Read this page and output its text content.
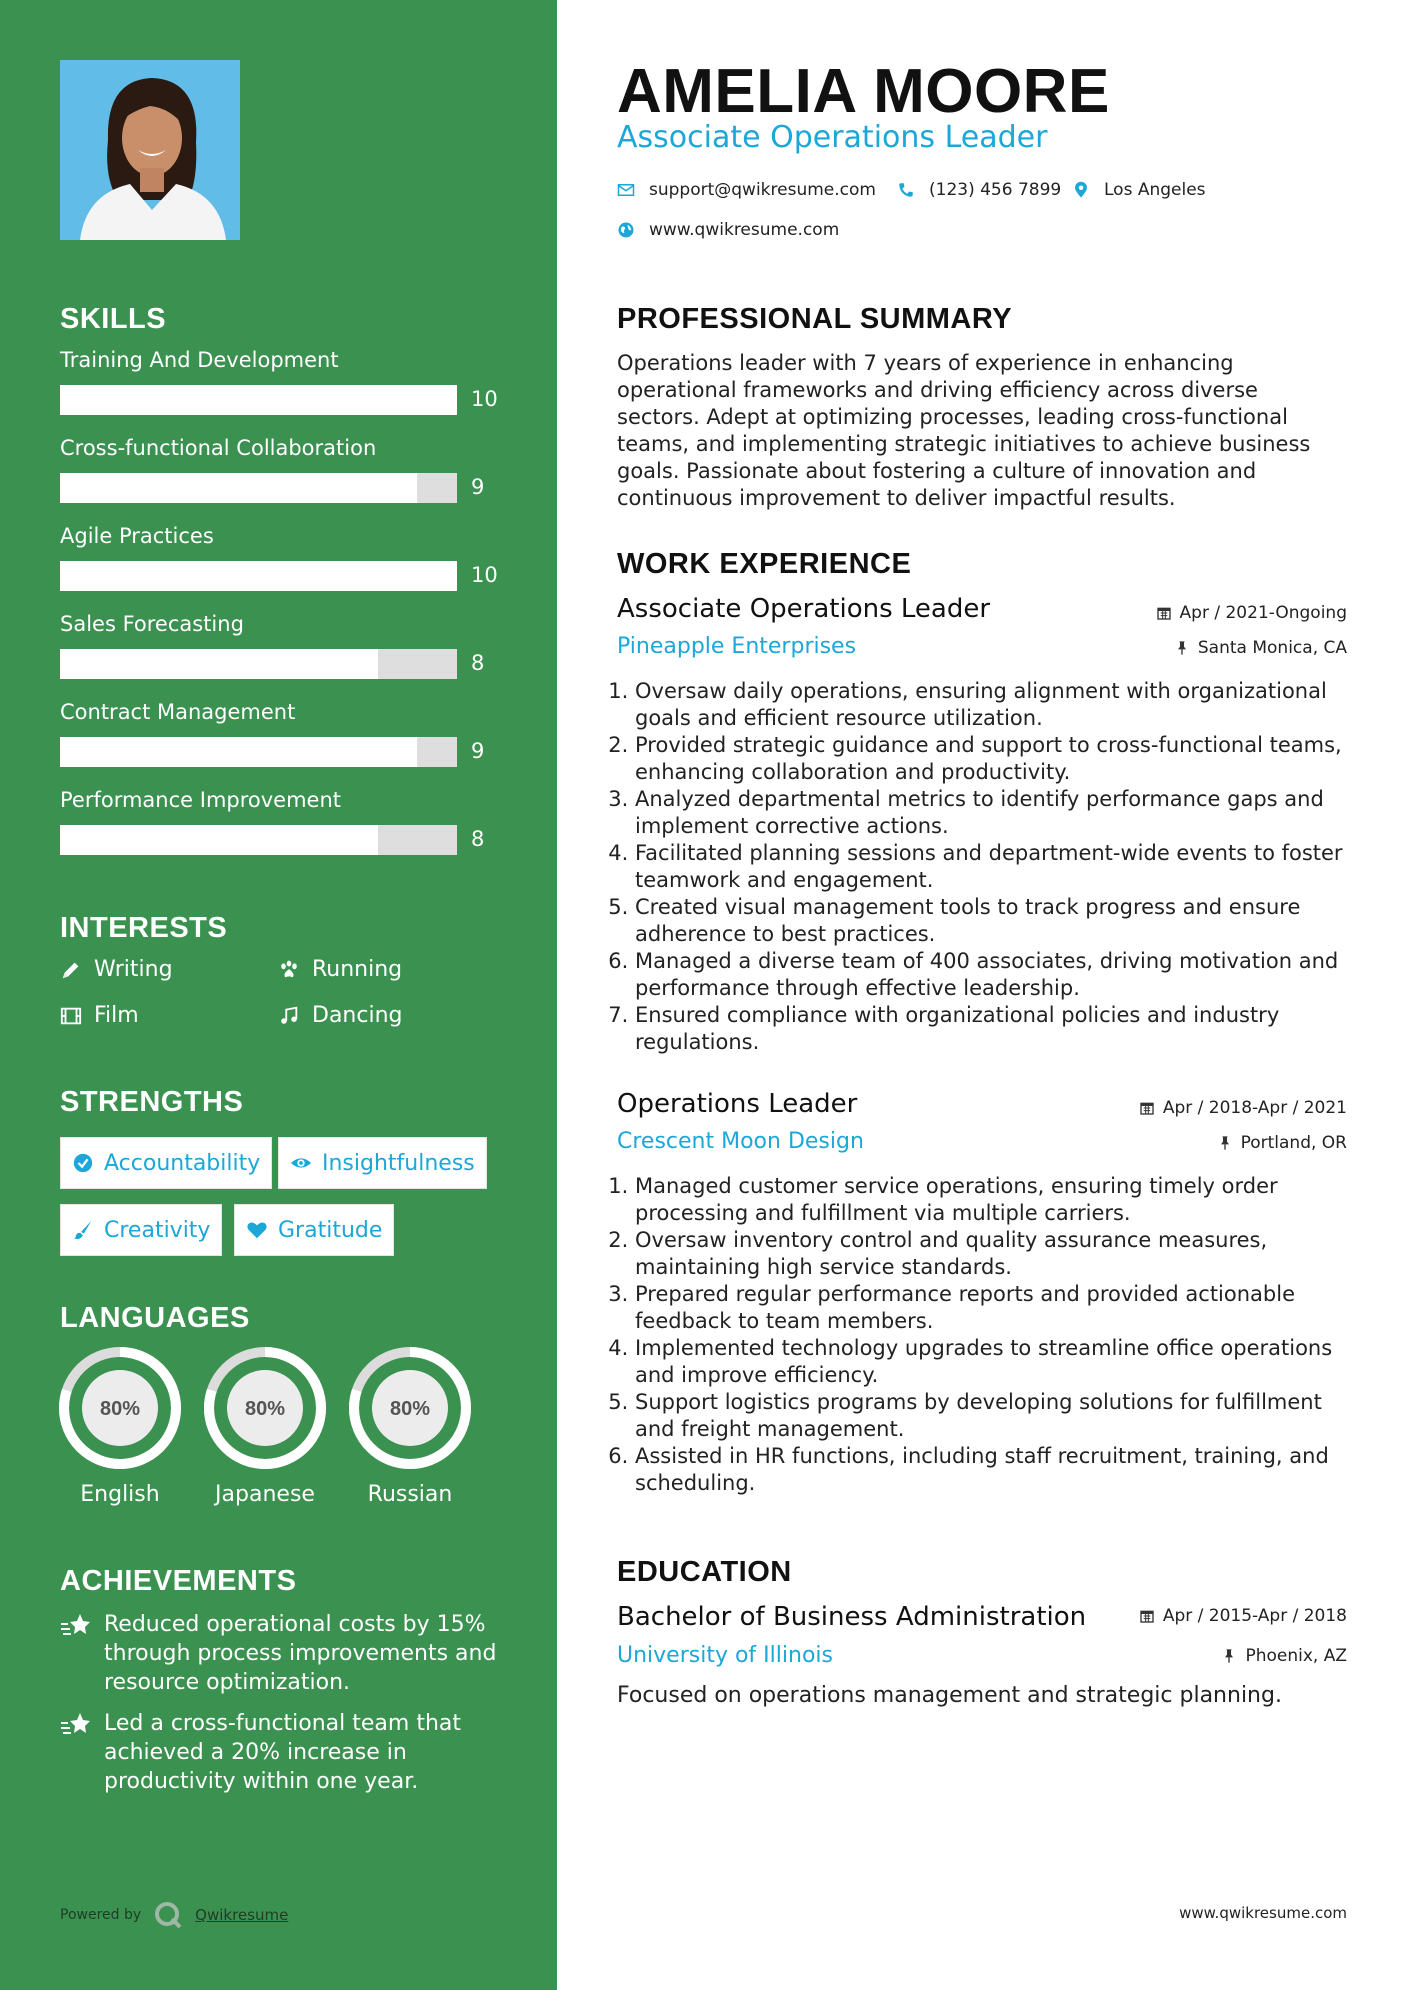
SKILLS
Training And Development
10
Cross-functional Collaboration
9
Agile Practices
10
Sales Forecasting
8
Contract Management
9
Performance Improvement
8
INTERESTS
Writing	Running
Film	Dancing
STRENGTHS
Accountability	Insightfulness
Creativity	Gratitude
LANGUAGES
80%
English
80%
Japanese
80%
Russian
ACHIEVEMENTS
Reduced operational costs by 15% through process improvements and resource optimization.
Led a cross-functional team that achieved a 20% increase in productivity within one year.
Powered by	Qwikresume
AMELIA MOORE
Associate Operations Leader
support@qwikresume.com	(123) 456 7899	Los Angeles
www.qwikresume.com
PROFESSIONAL SUMMARY
Operations leader with 7 years of experience in enhancing operational frameworks and driving efficiency across diverse sectors. Adept at optimizing processes, leading cross-functional teams, and implementing strategic initiatives to achieve business goals. Passionate about fostering a culture of innovation and continuous improvement to deliver impactful results.
WORK EXPERIENCE
Associate Operations Leader	Apr / 2021-Ongoing
Pineapple Enterprises	Santa Monica, CA
1. Oversaw daily operations, ensuring alignment with organizational goals and efficient resource utilization.
2. Provided strategic guidance and support to cross-functional teams, enhancing collaboration and productivity.
3. Analyzed departmental metrics to identify performance gaps and implement corrective actions.
4. Facilitated planning sessions and department-wide events to foster teamwork and engagement.
5. Created visual management tools to track progress and ensure adherence to best practices.
6. Managed a diverse team of 400 associates, driving motivation and performance through effective leadership.
7. Ensured compliance with organizational policies and industry regulations.
Operations Leader	Apr / 2018-Apr / 2021
Crescent Moon Design	Portland, OR
1. Managed customer service operations, ensuring timely order processing and fulfillment via multiple carriers.
2. Oversaw inventory control and quality assurance measures, maintaining high service standards.
3. Prepared regular performance reports and provided actionable feedback to team members.
4. Implemented technology upgrades to streamline office operations and improve efficiency.
5. Support logistics programs by developing solutions for fulfillment and freight management.
6. Assisted in HR functions, including staff recruitment, training, and scheduling.
EDUCATION
Bachelor of Business Administration	Apr / 2015-Apr / 2018
University of Illinois	Phoenix, AZ
Focused on operations management and strategic planning.
www.qwikresume.com
